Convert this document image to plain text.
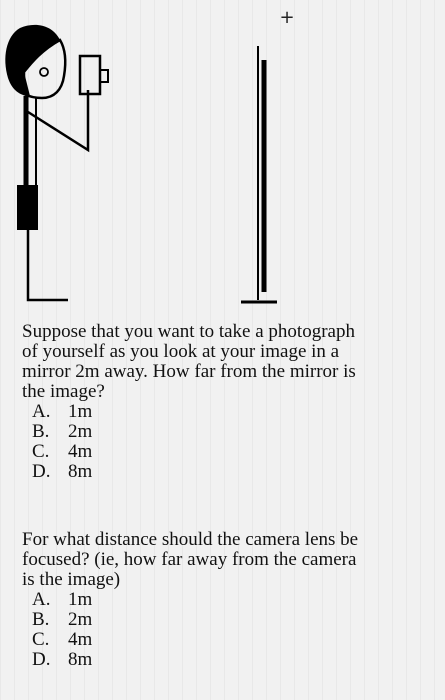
+

Suppose that you want to take a photograph
of yourself as you look at your image in a
mirror 2m away. How far from the mirror is
the image?

A. 1m
B. 2m
C. 4m
D. 8m

For what distance should the camera lens be
focused? (ie, how far away from the camera
is the image)

A. 1m
B. 2m
C. 4m
D. 8m
